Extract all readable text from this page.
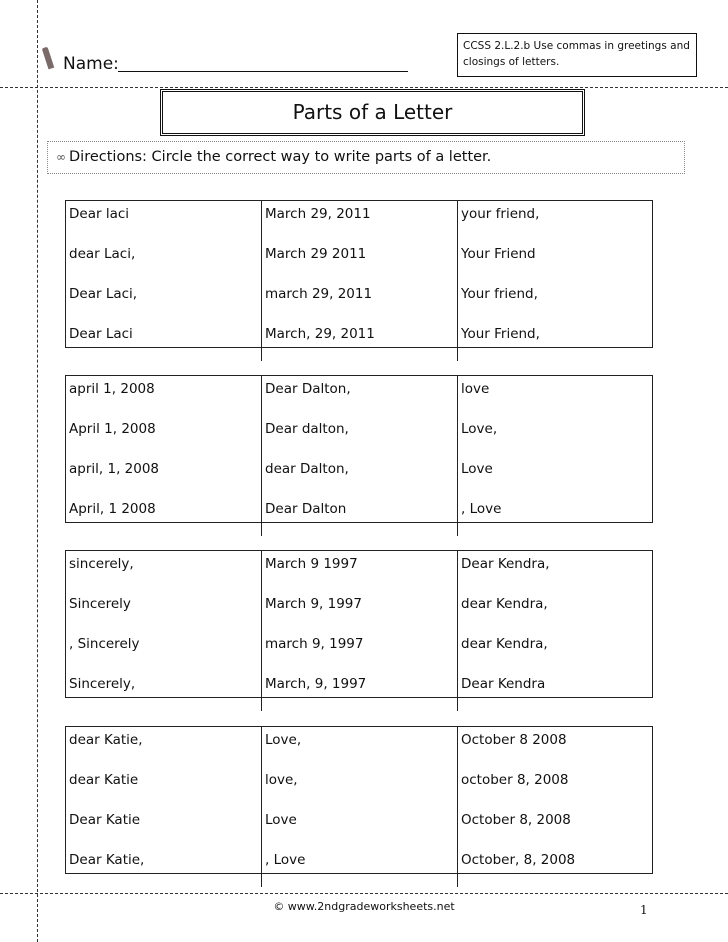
Name:
CCSS 2.L.2.b Use commas in greetings and closings of letters.
Parts of a Letter
∞ Directions: Circle the correct way to write parts of a letter.
Dear laci
dear Laci,
Dear Laci,
Dear Laci
March 29, 2011
March 29 2011
march 29, 2011
March, 29, 2011
your friend,
Your Friend
Your friend,
Your Friend,
april 1, 2008
April 1, 2008
april, 1, 2008
April, 1 2008
Dear Dalton,
Dear dalton,
dear Dalton,
Dear Dalton
love
Love,
Love
, Love
sincerely,
Sincerely
, Sincerely
Sincerely,
March 9 1997
March 9, 1997
march 9, 1997
March, 9, 1997
Dear Kendra,
dear Kendra,
dear Kendra,
Dear Kendra
dear Katie,
dear Katie
Dear Katie
Dear Katie,
Love,
love,
Love
, Love
October 8 2008
october 8, 2008
October 8, 2008
October, 8, 2008
© www.2ndgradeworksheets.net	1
